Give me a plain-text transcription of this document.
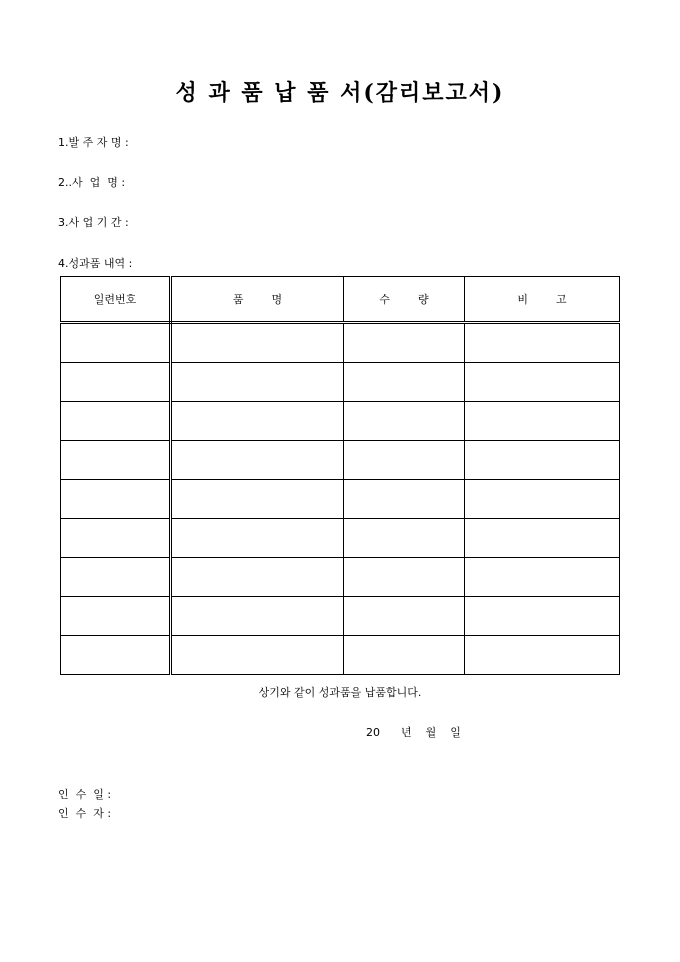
성 과 품 납 품 서(감리보고서)
1.발 주 자 명 :
2..사  업  명 :
3.사 업 기 간 :
4.성과품 내역 :
일련번호	품        명	수        량	비        고

상기와 같이 성과품을 납품합니다.
20      년    월    일
인  수  일 :
인  수  자 :
